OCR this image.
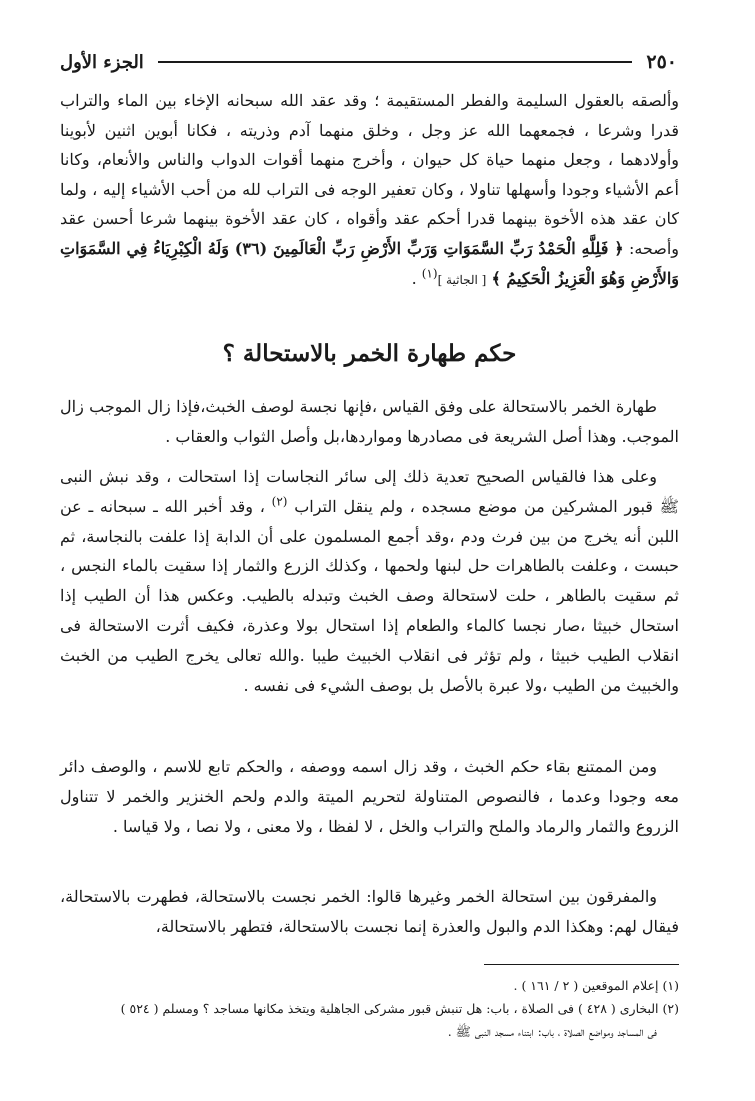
٢٥٠
الجزء الأول

وألصقه بالعقول السليمة والفطر المستقيمة ؛ وقد عقد الله سبحانه الإخاء بين الماء والتراب قدرا وشرعا ، فجمعهما الله عز وجل ، وخلق منهما آدم وذريته ، فكانا أبوين اثنين لأبوينا وأولادهما ، وجعل منهما حياة كل حيوان ، وأخرج منهما أقوات الدواب والناس والأنعام، وكانا أعم الأشياء وجودا وأسهلها تناولا ، وكان تعفير الوجه فى التراب لله من أحب الأشياء إليه ، ولما كان عقد هذه الأخوة بينهما قدرا أحكم عقد وأقواه ، كان عقد الأخوة بينهما شرعا أحسن عقد وأصحه: ﴿ فَلِلَّهِ الْحَمْدُ رَبِّ السَّمَوَاتِ وَرَبِّ الأَرْضِ رَبِّ الْعَالَمِينَ (٣٦) وَلَهُ الْكِبْرِيَاءُ فِي السَّمَوَاتِ وَالأَرْضِ وَهُوَ الْعَزِيزُ الْحَكِيمُ ﴾ [ الجاثية ]$^{(١)}$ .

حكم طهارة الخمر بالاستحالة ؟

طهارة الخمر بالاستحالة على وفق القياس ،فإنها نجسة لوصف الخبث،فإذا زال الموجب زال الموجب. وهذا أصل الشريعة فى مصادرها ومواردها،بل وأصل الثواب والعقاب .

وعلى هذا فالقياس الصحيح تعدية ذلك إلى سائر النجاسات إذا استحالت ، وقد نبش النبى ﷺ قبور المشركين من موضع مسجده ، ولم ينقل التراب $^{(٢)}$ ، وقد أخبر الله ـ سبحانه ـ عن اللبن أنه يخرج من بين فرث ودم ،وقد أجمع المسلمون على أن الدابة إذا علفت بالنجاسة، ثم حبست ، وعلفت بالطاهرات حل لبنها ولحمها ، وكذلك الزرع والثمار إذا سقيت بالماء النجس ، ثم سقيت بالطاهر ، حلت لاستحالة وصف الخبث وتبدله بالطيب. وعكس هذا أن الطيب إذا استحال خبيثا ،صار نجسا كالماء والطعام إذا استحال بولا وعذرة، فكيف أثرت الاستحالة فى انقلاب الطيب خبيثا ، ولم تؤثر فى انقلاب الخبيث طيبا .والله تعالى يخرج الطيب من الخبث والخبيث من الطيب ،ولا عبرة بالأصل بل بوصف الشيء فى نفسه .

ومن الممتنع بقاء حكم الخبث ، وقد زال اسمه ووصفه ، والحكم تابع للاسم ، والوصف دائر معه وجودا وعدما ، فالنصوص المتناولة لتحريم الميتة والدم ولحم الخنزير والخمر لا تتناول الزروع والثمار والرماد والملح والتراب والخل ، لا لفظا ، ولا معنى ، ولا نصا ، ولا قياسا .

والمفرقون بين استحالة الخمر وغيرها قالوا: الخمر نجست بالاستحالة، فطهرت بالاستحالة، فيقال لهم: وهكذا الدم والبول والعذرة إنما نجست بالاستحالة، فتطهر بالاستحالة،

(١) إعلام الموقعين ( ٢ / ١٦١ ) .

(٢) البخارى ( ٤٢٨ ) فى الصلاة ، باب: هل تنبش قبور مشركى الجاهلية ويتخذ مكانها مساجد ؟ ومسلم ( ٥٢٤ )

فى المساجد ومواضع الصلاة ، باب: ابتناء مسجد النبى ﷺ .
